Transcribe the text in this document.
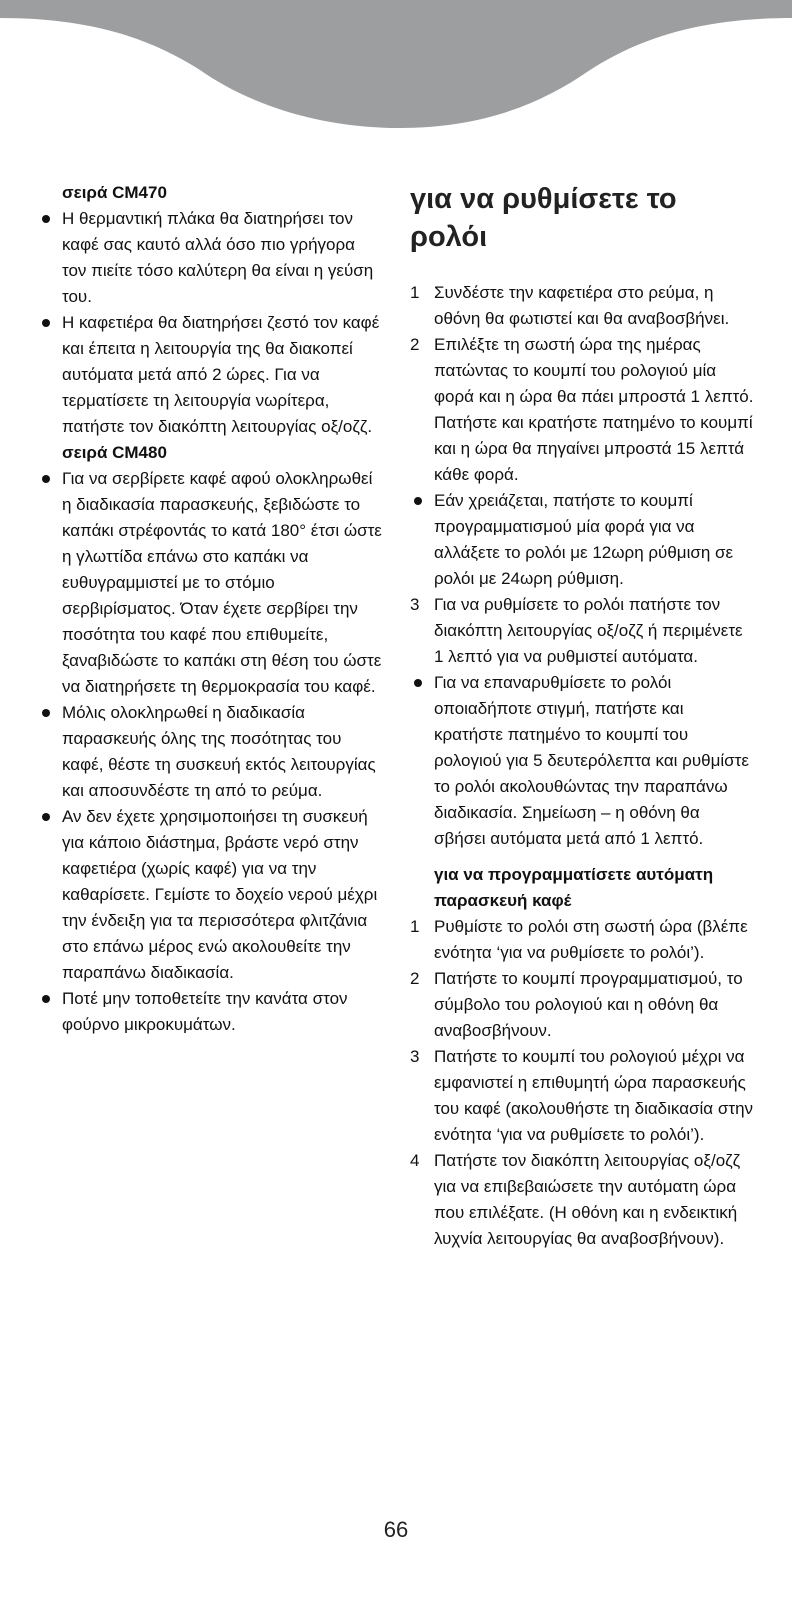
σειρά CM470

Η θερμαντική πλάκα θα διατηρήσει τον καφέ σας καυτό αλλά όσο πιο γρήγορα τον πιείτε τόσο καλύτερη θα είναι η γεύση του.

Η καφετιέρα θα διατηρήσει ζεστό τον καφέ και έπειτα η λειτουργία της θα διακοπεί αυτόματα μετά από 2 ώρες. Για να τερματίσετε τη λειτουργία νωρίτερα, πατήστε τον διακόπτη λειτουργίας οξ/οζζ.

σειρά CM480

Για να σερβίρετε καφέ αφού ολοκληρωθεί η διαδικασία παρασκευής, ξεβιδώστε το καπάκι στρέφοντάς το κατά 180° έτσι ώστε η γλωττίδα επάνω στο καπάκι να ευθυγραμμιστεί με το στόμιο σερβιρίσματος. Όταν έχετε σερβίρει την ποσότητα του καφέ που επιθυμείτε, ξαναβιδώστε το καπάκι στη θέση του ώστε να διατηρήσετε τη θερμοκρασία του καφέ.

Μόλις ολοκληρωθεί η διαδικασία παρασκευής όλης της ποσότητας του καφέ, θέστε τη συσκευή εκτός λειτουργίας και αποσυνδέστε τη από το ρεύμα.

Αν δεν έχετε χρησιμοποιήσει τη συσκευή για κάποιο διάστημα, βράστε νερό στην καφετιέρα (χωρίς καφέ) για να την καθαρίσετε. Γεμίστε το δοχείο νερού μέχρι την ένδειξη για τα περισσότερα φλιτζάνια στο επάνω μέρος ενώ ακολουθείτε την παραπάνω διαδικασία.

Ποτέ μην τοποθετείτε την κανάτα στον φούρνο μικροκυμάτων.

για να ρυθμίσετε το ρολόι

1 Συνδέστε την καφετιέρα στο ρεύμα, η οθόνη θα φωτιστεί και θα αναβοσβήνει.

2 Επιλέξτε τη σωστή ώρα της ημέρας πατώντας το κουμπί του ρολογιού μία φορά και η ώρα θα πάει μπροστά 1 λεπτό. Πατήστε και κρατήστε πατημένο το κουμπί και η ώρα θα πηγαίνει μπροστά 15 λεπτά κάθε φορά.

Εάν χρειάζεται, πατήστε το κουμπί προγραμματισμού μία φορά για να αλλάξετε το ρολόι με 12ωρη ρύθμιση σε ρολόι με 24ωρη ρύθμιση.

3 Για να ρυθμίσετε το ρολόι πατήστε τον διακόπτη λειτουργίας οξ/οζζ ή περιμένετε 1 λεπτό για να ρυθμιστεί αυτόματα.

Για να επαναρυθμίσετε το ρολόι οποιαδήποτε στιγμή, πατήστε και κρατήστε πατημένο το κουμπί του ρολογιού για 5 δευτερόλεπτα και ρυθμίστε το ρολόι ακολουθώντας την παραπάνω διαδικασία. Σημείωση – η οθόνη θα σβήσει αυτόματα μετά από 1 λεπτό.

για να προγραμματίσετε αυτόματη παρασκευή καφέ

1 Ρυθμίστε το ρολόι στη σωστή ώρα (βλέπε ενότητα ‘για να ρυθμίσετε το ρολόι’).

2 Πατήστε το κουμπί προγραμματισμού, το σύμβολο του ρολογιού και η οθόνη θα αναβοσβήνουν.

3 Πατήστε το κουμπί του ρολογιού μέχρι να εμφανιστεί η επιθυμητή ώρα παρασκευής του καφέ (ακολουθήστε τη διαδικασία στην ενότητα ‘για να ρυθμίσετε το ρολόι’).

4 Πατήστε τον διακόπτη λειτουργίας οξ/οζζ για να επιβεβαιώσετε την αυτόματη ώρα που επιλέξατε. (Η οθόνη και η ενδεικτική λυχνία λειτουργίας θα αναβοσβήνουν).

66
